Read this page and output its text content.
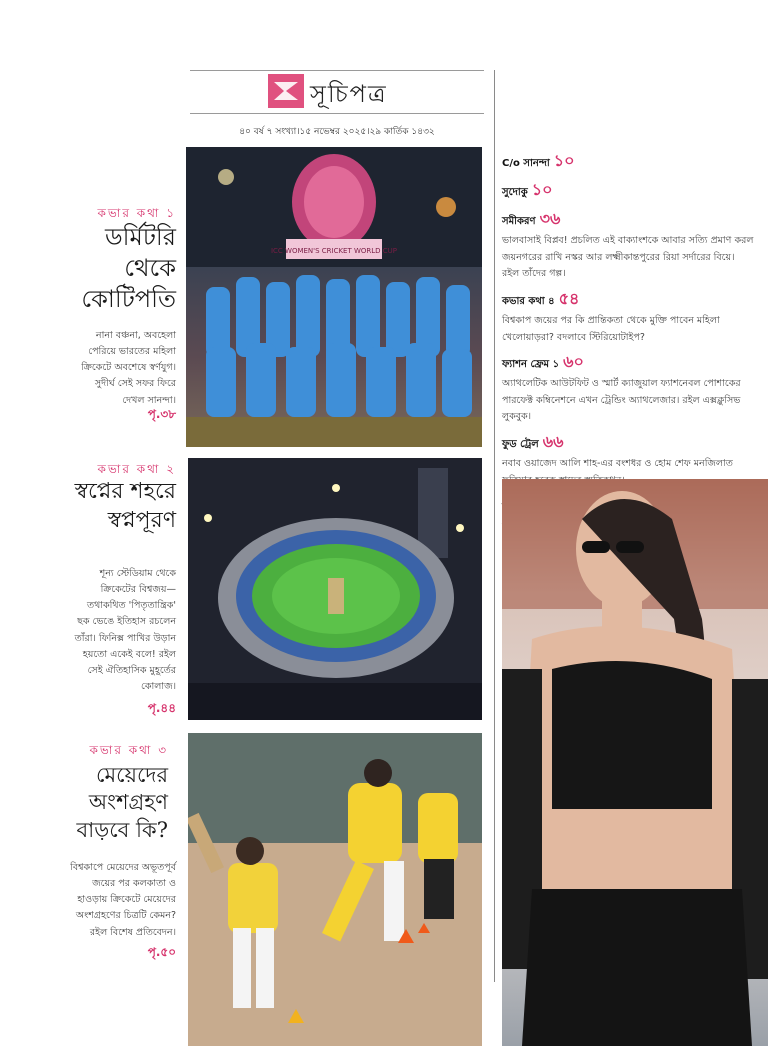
সূচিপত্র
৪০ বর্ষ ৭ সংখ্যা।১৫ নভেম্বর ২০২৫।২৯ কার্তিক ১৪৩২
কভার কথা ১
ডর্মিটরি
থেকে
কোটিপতি
নানা বঞ্চনা, অবহেলা
পেরিয়ে ভারতের মহিলা
ক্রিকেটে অবশেষে স্বর্ণযুগ।
সুদীর্ঘ সেই সফর ফিরে
দেখল সানন্দা।
পৃ.৩৮
ICC WOMEN'S CRICKET WORLD CUP
কভার কথা ২
স্বপ্নের শহরে
স্বপ্নপূরণ
শূন্য স্টেডিয়াম থেকে
ক্রিকেটের বিশ্বজয়—
তথাকথিত 'পিতৃতান্ত্রিক'
ছক ভেঙে ইতিহাস রচলেন
তাঁরা। ফিনিক্স পাখির উড়ান
হয়তো একেই বলে! রইল
সেই ঐতিহাসিক মুহূর্তের
কোলাজ।
পৃ.৪৪
কভার কথা ৩
মেয়েদের
অংশগ্রহণ
বাড়বে কি?
বিশ্বকাপে মেয়েদের অভূতপূর্ব
জয়ের পর কলকাতা ও
হাওড়ায় ক্রিকেটে মেয়েদের
অংশগ্রহণের চিত্রটি কেমন?
রইল বিশেষ প্রতিবেদন।
পৃ.৫০
C/o সানন্দা ১০
সুদোকু ১০
সমীকরণ ৩৬
ভালবাসাই বিপ্লব! প্রচলিত এই বাক্যাংশকে আবার সত্যি প্রমাণ করল জয়নগরের রাখি নস্কর আর লক্ষ্মীকান্তপুরের রিয়া সর্দারের বিয়ে। রইল তাঁদের গল্প।
কভার কথা ৪ ৫৪
বিশ্বকাপ জয়ের পর কি প্রান্তিকতা থেকে মুক্তি পাবেন মহিলা খেলোয়াড়রা? বদলাবে স্টিরিয়োটাইপ?
ফ্যাশন ফ্রেম ১ ৬০
অ্যাথলেটিক আউটফিট ও স্মার্ট ক্যাজুয়াল ফ্যাশনেবল পোশাকের পারফেক্ট কম্বিনেশনে এখন ট্রেন্ডিং অ্যাথলেজার। রইল এক্সক্লুসিভ লুকবুক।
ফুড ট্রেল ৬৬
নবাব ওয়াজেদ আলি শাহ-এর বংশধর ও হোম শেফ মনজিলাত
